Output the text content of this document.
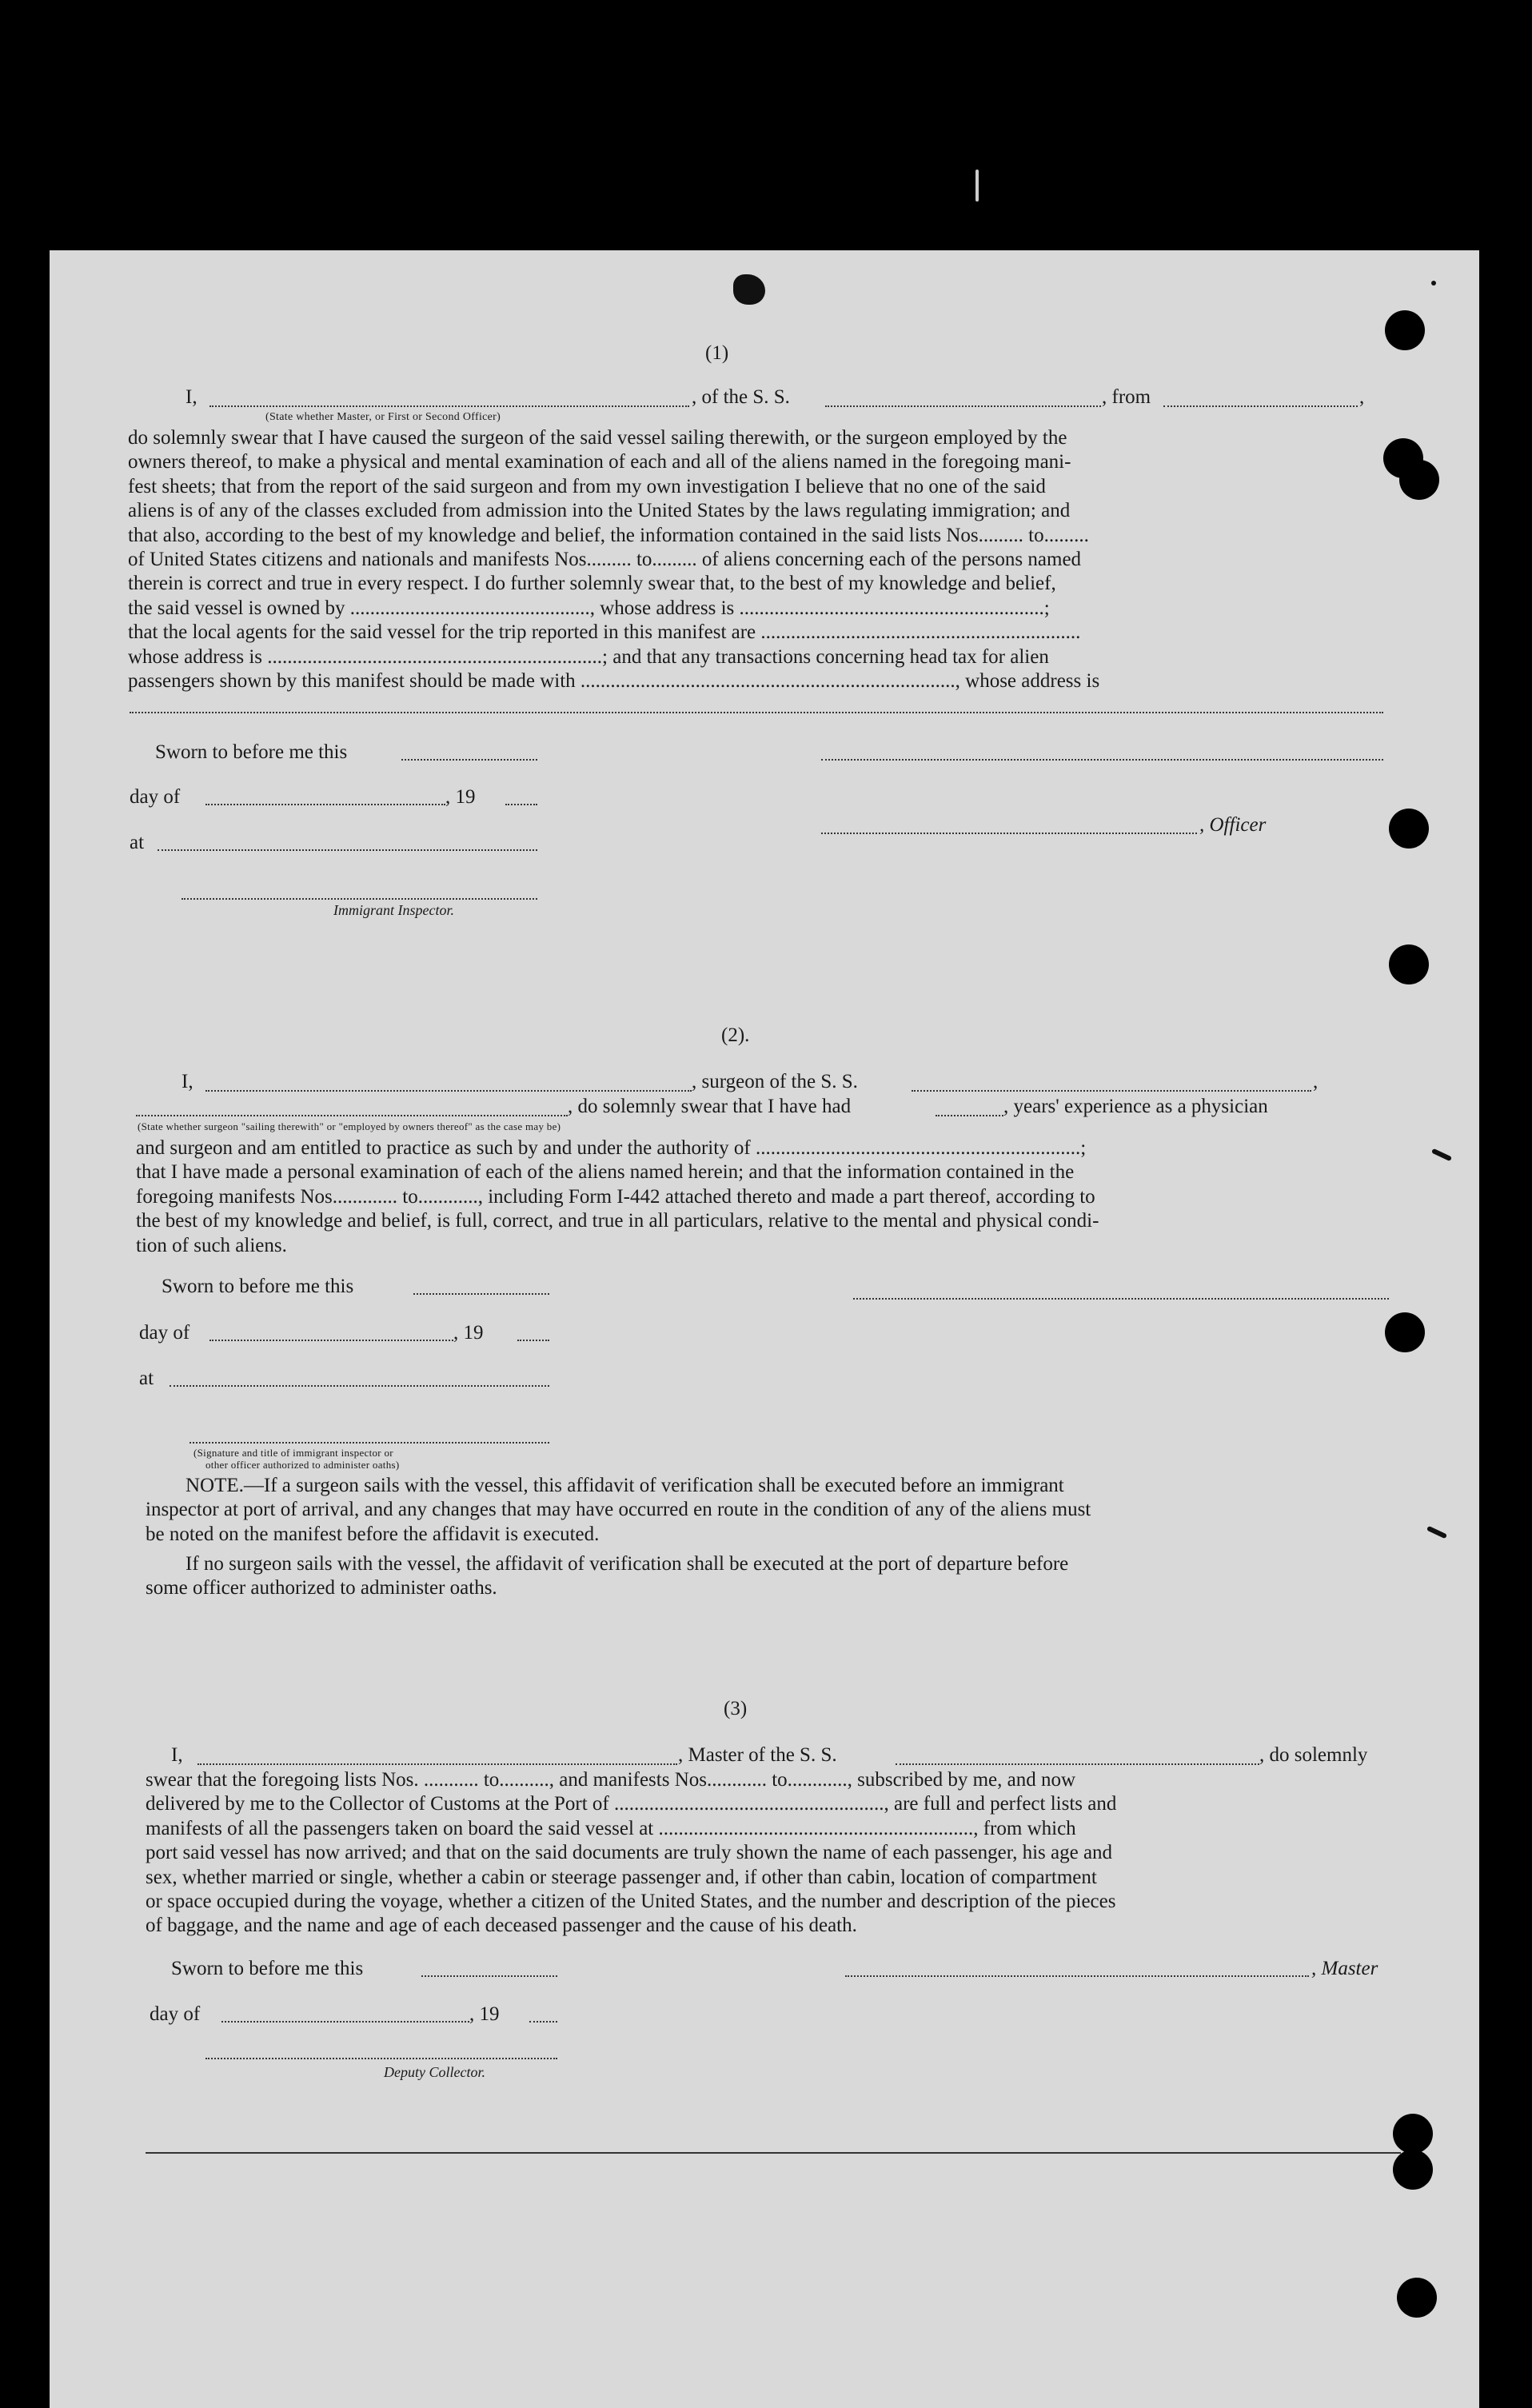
(1)
I,	, of the S. S.	, from	,
(State whether Master, or First or Second Officer)
do solemnly swear that I have caused the surgeon of the said vessel sailing therewith, or the surgeon employed by the
owners thereof, to make a physical and mental examination of each and all of the aliens named in the foregoing mani-
fest sheets; that from the report of the said surgeon and from my own investigation I believe that no one of the said
aliens is of any of the classes excluded from admission into the United States by the laws regulating immigration; and
that also, according to the best of my knowledge and belief, the information contained in the said lists Nos......... to.........
of United States citizens and nationals and manifests Nos......... to......... of aliens concerning each of the persons named
therein is correct and true in every respect. I do further solemnly swear that, to the best of my knowledge and belief,
the said vessel is owned by ................................................, whose address is .............................................................;
that the local agents for the said vessel for the trip reported in this manifest are ................................................................
whose address is ...................................................................; and that any transactions concerning head tax for alien
passengers shown by this manifest should be made with ..........................................................................., whose address is
Sworn to before me this
day of	, 19
, Officer
at
Immigrant Inspector.
(2).
I,	, surgeon of the S. S.	,
, do solemnly swear that I have had	, years' experience as a physician
(State whether surgeon "sailing therewith" or "employed by owners thereof" as the case may be)
and surgeon and am entitled to practice as such by and under the authority of .................................................................;
that I have made a personal examination of each of the aliens named herein; and that the information contained in the
foregoing manifests Nos............. to............, including Form I-442 attached thereto and made a part thereof, according to
the best of my knowledge and belief, is full, correct, and true in all particulars, relative to the mental and physical condi-
tion of such aliens.
Sworn to before me this
day of	, 19
at
(Signature and title of immigrant inspector or
other officer authorized to administer oaths)
NOTE.—If a surgeon sails with the vessel, this affidavit of verification shall be executed before an immigrant
inspector at port of arrival, and any changes that may have occurred en route in the condition of any of the aliens must
be noted on the manifest before the affidavit is executed.
If no surgeon sails with the vessel, the affidavit of verification shall be executed at the port of departure before
some officer authorized to administer oaths.
(3)
I,	, Master of the S. S.	, do solemnly
swear that the foregoing lists Nos. ........... to.........., and manifests Nos............ to............, subscribed by me, and now
delivered by me to the Collector of Customs at the Port of ......................................................, are full and perfect lists and
manifests of all the passengers taken on board the said vessel at ..............................................................., from which
port said vessel has now arrived; and that on the said documents are truly shown the name of each passenger, his age and
sex, whether married or single, whether a cabin or steerage passenger and, if other than cabin, location of compartment
or space occupied during the voyage, whether a citizen of the United States, and the number and description of the pieces
of baggage, and the name and age of each deceased passenger and the cause of his death.
Sworn to before me this	, Master
day of	, 19
Deputy Collector.
